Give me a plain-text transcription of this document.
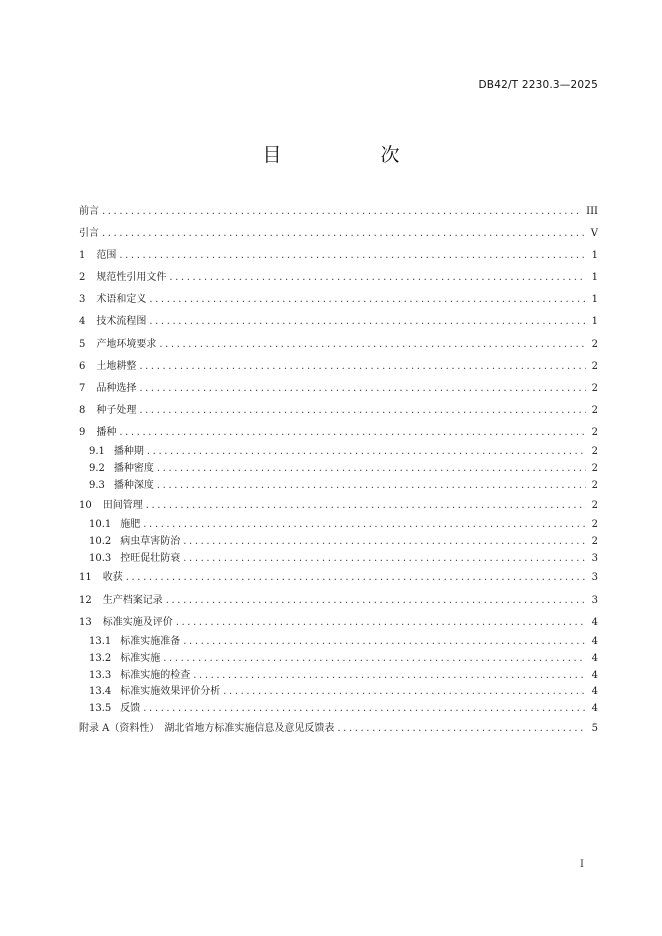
DB42/T 2230.3—2025
目　次
前言 .....	III
引言 .....	V
1 范围 .....	1
2 规范性引用文件 .....	1
3 术语和定义 .....	1
4 技术流程图 .....	1
5 产地环境要求 .....	2
6 土地耕整 .....	2
7 品种选择 .....	2
8 种子处理 .....	2
9 播种 .....	2
9.1 播种期 .....	2
9.2 播种密度 .....	2
9.3 播种深度 .....	2
10 田间管理 .....	2
10.1 施肥 .....	2
10.2 病虫草害防治 .....	2
10.3 控旺促壮防衰 .....	3
11 收获 .....	3
12 生产档案记录 .....	3
13 标准实施及评价 .....	4
13.1 标准实施准备 .....	4
13.2 标准实施 .....	4
13.3 标准实施的检查 .....	4
13.4 标准实施效果评价分析 .....	4
13.5 反馈 .....	4
附录 A（资料性）　湖北省地方标准实施信息及意见反馈表 .....	5
I
